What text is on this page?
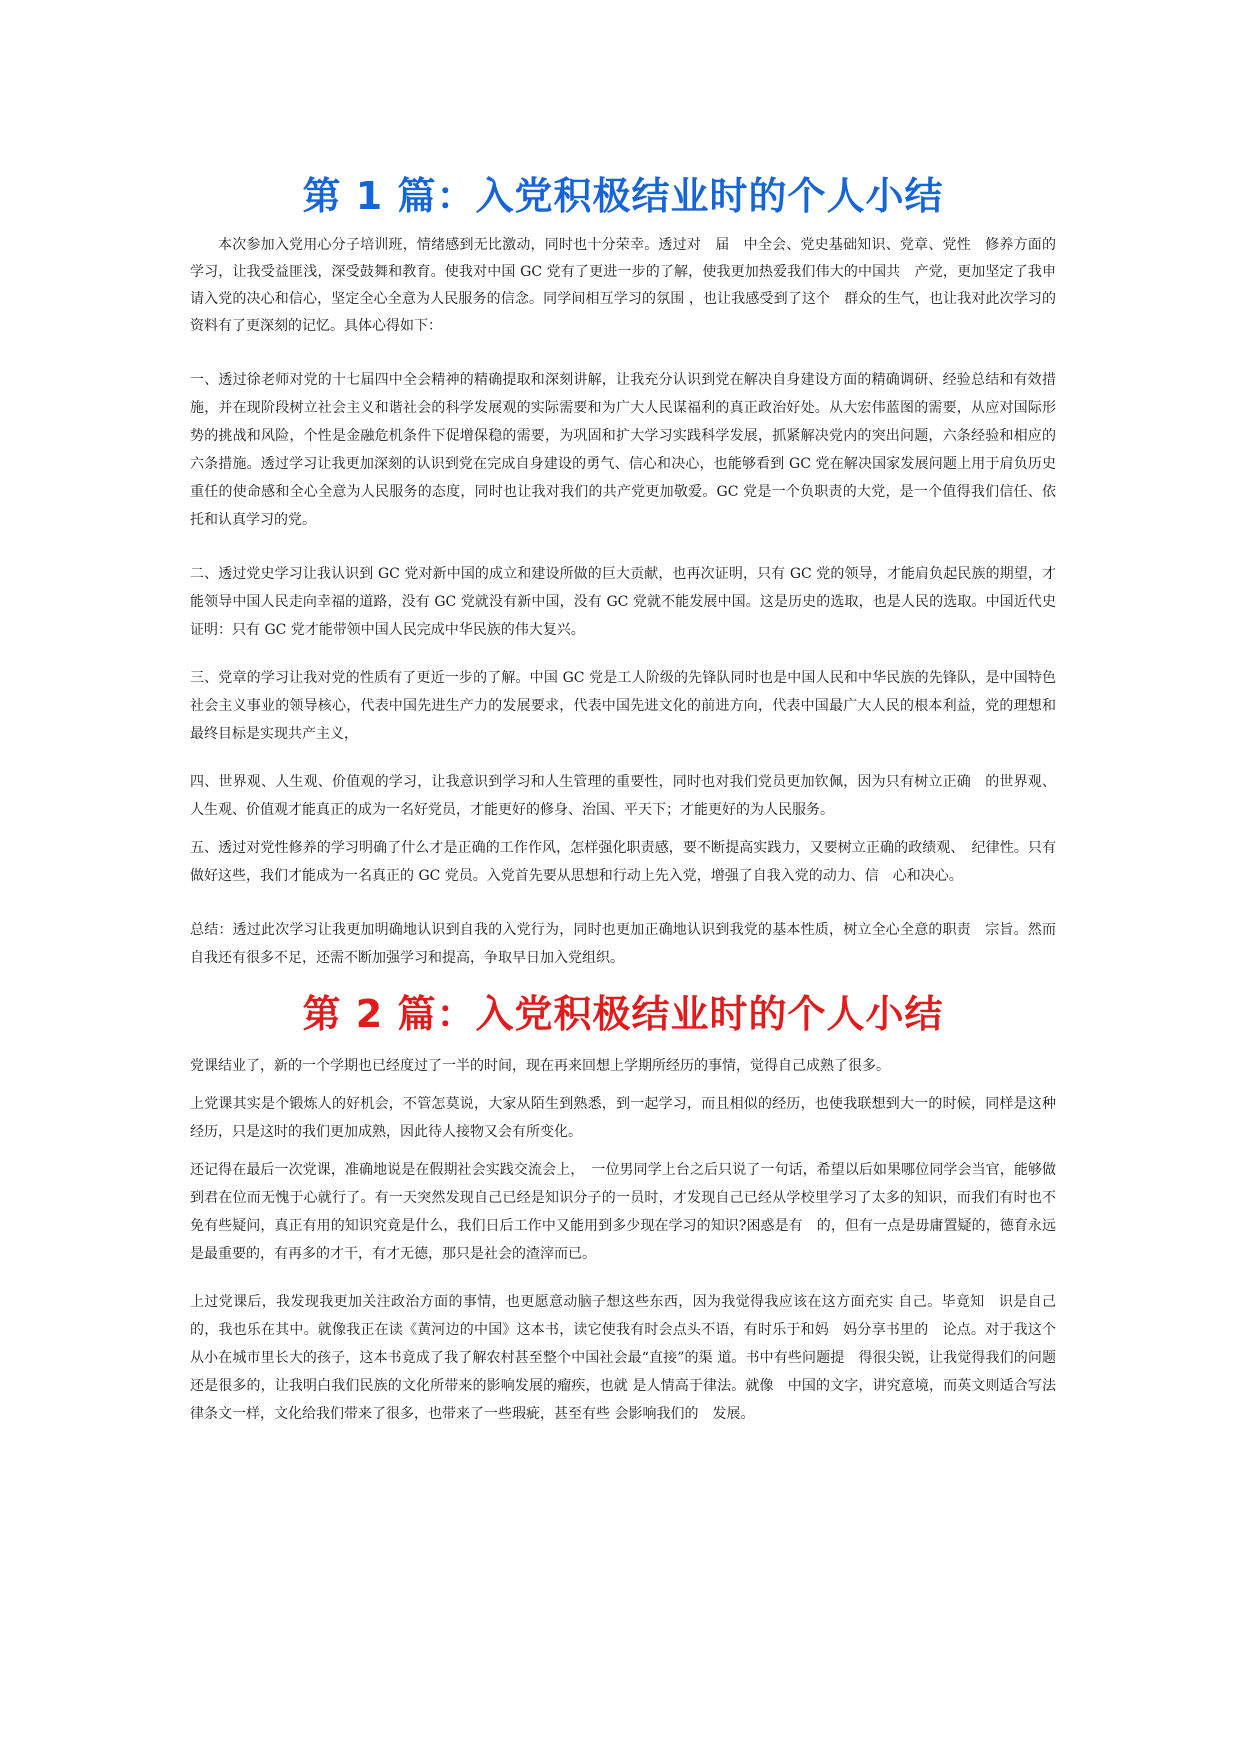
第 1 篇：入党积极结业时的个人小结

本次参加入党用心分子培训班，情绪感到无比激动，同时也十分荣幸。透过对　届　中全会、党史基础知识、党章、党性　修养方面的学习，让我受益匪浅，深受鼓舞和教育。使我对中国 GC 党有了更进一步的了解，使我更加热爱我们伟大的中国共　产党，更加坚定了我申请入党的决心和信心，坚定全心全意为人民服务的信念。同学间相互学习的氛围 ，也让我感受到了这个　群众的生气，也让我对此次学习的资料有了更深刻的记忆。具体心得如下：

一、透过徐老师对党的十七届四中全会精神的精确提取和深刻讲解，让我充分认识到党在解决自身建设方面的精确调研、经验总结和有效措施，并在现阶段树立社会主义和谐社会的科学发展观的实际需要和为广大人民谋福利的真正政治好处。从大宏伟蓝图的需要，从应对国际形势的挑战和风险，个性是金融危机条件下促增保稳的需要，为巩固和扩大学习实践科学发展，抓紧解决党内的突出问题，六条经验和相应的六条措施。透过学习让我更加深刻的认识到党在完成自身建设的勇气、信心和决心，也能够看到 GC 党在解决国家发展问题上用于肩负历史重任的使命感和全心全意为人民服务的态度，同时也让我对我们的共产党更加敬爱。GC 党是一个负职责的大党，是一个值得我们信任、依托和认真学习的党。

二、透过党史学习让我认识到 GC 党对新中国的成立和建设所做的巨大贡献，也再次证明，只有 GC 党的领导，才能肩负起民族的期望，才能领导中国人民走向幸福的道路，没有 GC 党就没有新中国，没有 GC 党就不能发展中国。这是历史的选取，也是人民的选取。中国近代史证明：只有 GC 党才能带领中国人民完成中华民族的伟大复兴。

三、党章的学习让我对党的性质有了更近一步的了解。中国 GC 党是工人阶级的先锋队同时也是中国人民和中华民族的先锋队，是中国特色社会主义事业的领导核心，代表中国先进生产力的发展要求，代表中国先进文化的前进方向，代表中国最广大人民的根本利益，党的理想和最终目标是实现共产主义，

四、世界观、人生观、价值观的学习，让我意识到学习和人生管理的重要性，同时也对我们党员更加钦佩，因为只有树立正确　的世界观、人生观、价值观才能真正的成为一名好党员，才能更好的修身、治国、平天下；才能更好的为人民服务。

五、透过对党性修养的学习明确了什么才是正确的工作作风，怎样强化职责感，要不断提高实践力，又要树立正确的政绩观、　纪律性。只有做好这些，我们才能成为一名真正的 GC 党员。入党首先要从思想和行动上先入党，增强了自我入党的动力、信　心和决心。

总结：透过此次学习让我更加明确地认识到自我的入党行为，同时也更加正确地认识到我党的基本性质，树立全心全意的职责　宗旨。然而自我还有很多不足，还需不断加强学习和提高，争取早日加入党组织。

第 2 篇：入党积极结业时的个人小结

党课结业了，新的一个学期也已经度过了一半的时间，现在再来回想上学期所经历的事情，觉得自己成熟了很多。

上党课其实是个锻炼人的好机会，不管怎莫说，大家从陌生到熟悉，到一起学习，而且相似的经历，也使我联想到大一的时候，同样是这种经历，只是这时的我们更加成熟，因此待人接物又会有所变化。

还记得在最后一次党课，准确地说是在假期社会实践交流会上，　一位男同学上台之后只说了一句话，希望以后如果哪位同学会当官，能够做到君在位而无愧于心就行了。有一天突然发现自己已经是知识分子的一员时，才发现自己已经从学校里学习了太多的知识，而我们有时也不免有些疑问，真正有用的知识究竟是什么，我们日后工作中又能用到多少现在学习的知识?困惑是有　的，但有一点是毋庸置疑的，德育永远是最重要的，有再多的才干，有才无德，那只是社会的渣滓而已。

上过党课后，我发现我更加关注政治方面的事情，也更愿意动脑子想这些东西，因为我觉得我应该在这方面充实 自己。毕竟知　识是自己的，我也乐在其中。就像我正在读《黄河边的中国》这本书，读它使我有时会点头不语，有时乐于和妈　妈分享书里的　论点。对于我这个从小在城市里长大的孩子，这本书竟成了我了解农村甚至整个中国社会最“直接”的渠 道。书中有些问题提　得很尖锐，让我觉得我们的问题还是很多的，让我明白我们民族的文化所带来的影响发展的瘤疾，也就 是人情高于律法。就像　中国的文字，讲究意境，而英文则适合写法律条文一样，文化给我们带来了很多，也带来了一些瑕疵，甚至有些 会影响我们的　发展。
